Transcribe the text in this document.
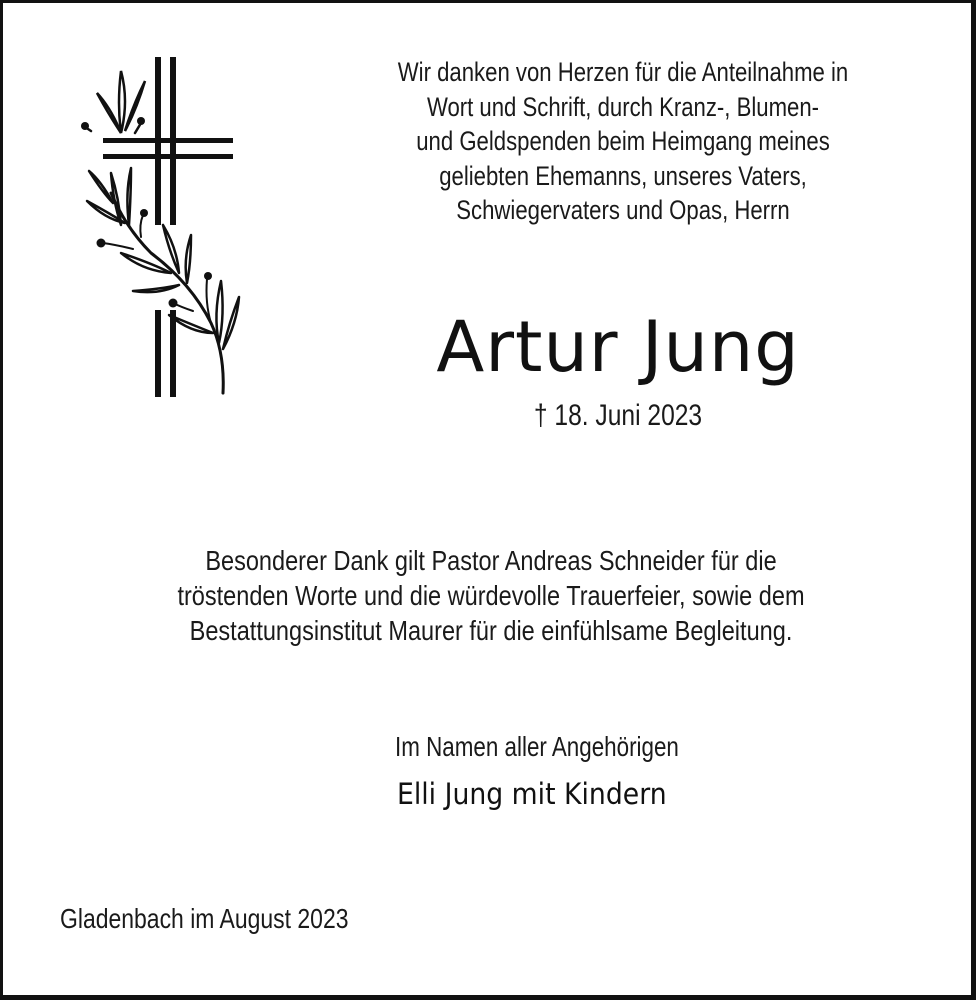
Wir danken von Herzen für die Anteilnahme in
Wort und Schrift, durch Kranz-, Blumen-
und Geldspenden beim Heimgang meines
geliebten Ehemanns, unseres Vaters,
Schwiegervaters und Opas, Herrn
Artur Jung
† 18. Juni 2023
Besonderer Dank gilt Pastor Andreas Schneider für die
tröstenden Worte und die würdevolle Trauerfeier, sowie dem
Bestattungsinstitut Maurer für die einfühlsame Begleitung.
Im Namen aller Angehörigen
Elli Jung mit Kindern
Gladenbach im August 2023
